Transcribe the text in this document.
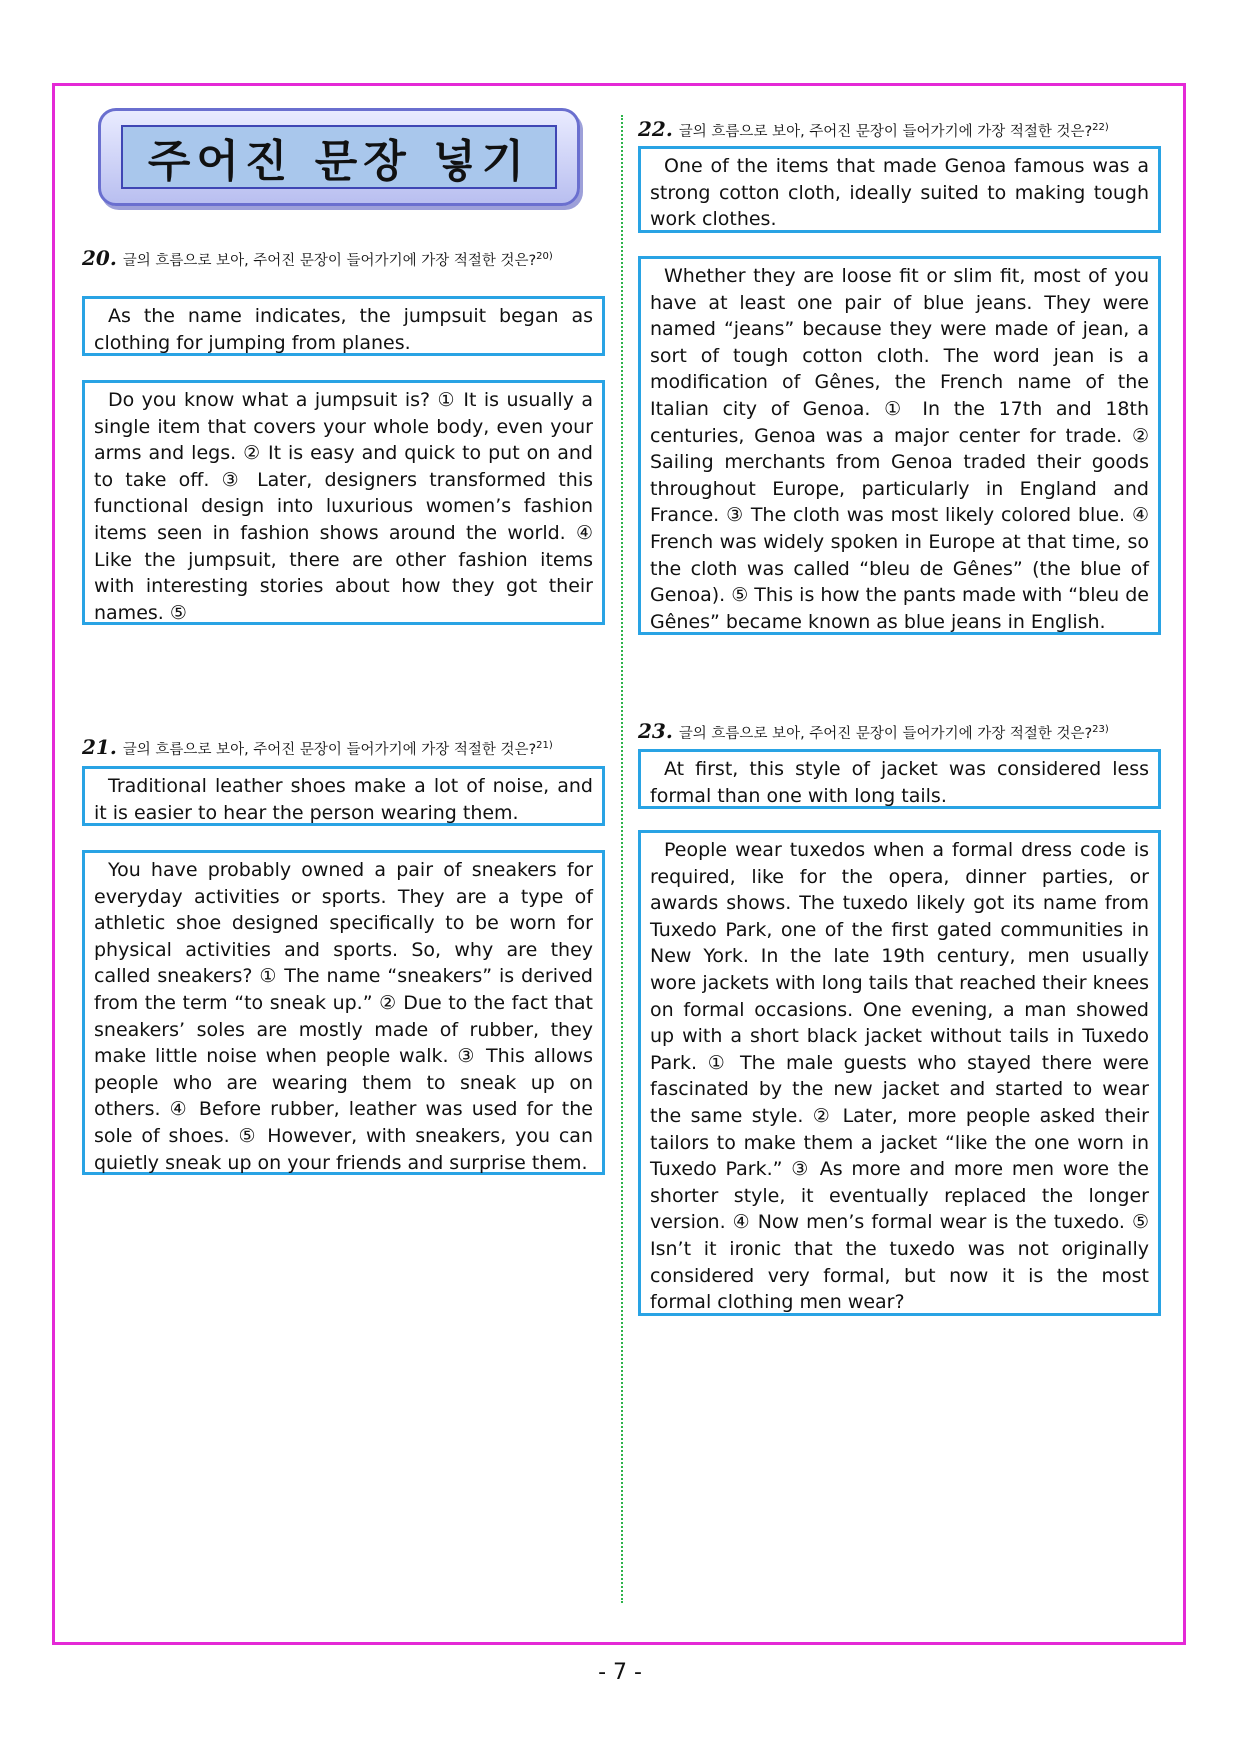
주어진 문장 넣기
20. 글의 흐름으로 보아, 주어진 문장이 들어가기에 가장 적절한 것은?$^{20)}$
As the name indicates, the jumpsuit began as clothing for jumping from planes.
Do you know what a jumpsuit is? ① It is usually a single item that covers your whole body, even your arms and legs. ② It is easy and quick to put on and to take off. ③ Later, designers transformed this functional design into luxurious women’s fashion items seen in fashion shows around the world. ④ Like the jumpsuit, there are other fashion items with interesting stories about how they got their names. ⑤
21. 글의 흐름으로 보아, 주어진 문장이 들어가기에 가장 적절한 것은?$^{21)}$
Traditional leather shoes make a lot of noise, and it is easier to hear the person wearing them.
You have probably owned a pair of sneakers for everyday activities or sports. They are a type of athletic shoe designed specifically to be worn for physical activities and sports. So, why are they called sneakers? ① The name “sneakers” is derived from the term “to sneak up.” ② Due to the fact that sneakers’ soles are mostly made of rubber, they make little noise when people walk. ③ This allows people who are wearing them to sneak up on others. ④ Before rubber, leather was used for the sole of shoes. ⑤ However, with sneakers, you can quietly sneak up on your friends and surprise them.
22. 글의 흐름으로 보아, 주어진 문장이 들어가기에 가장 적절한 것은?$^{22)}$
One of the items that made Genoa famous was a strong cotton cloth, ideally suited to making tough work clothes.
Whether they are loose fit or slim fit, most of you have at least one pair of blue jeans. They were named “jeans” because they were made of jean, a sort of tough cotton cloth. The word jean is a modification of Gênes, the French name of the Italian city of Genoa. ① In the 17th and 18th centuries, Genoa was a major center for trade. ② Sailing merchants from Genoa traded their goods throughout Europe, particularly in England and France. ③ The cloth was most likely colored blue. ④ French was widely spoken in Europe at that time, so the cloth was called “bleu de Gênes” (the blue of Genoa). ⑤ This is how the pants made with “bleu de Gênes” became known as blue jeans in English.
23. 글의 흐름으로 보아, 주어진 문장이 들어가기에 가장 적절한 것은?$^{23)}$
At first, this style of jacket was considered less formal than one with long tails.
People wear tuxedos when a formal dress code is required, like for the opera, dinner parties, or awards shows. The tuxedo likely got its name from Tuxedo Park, one of the first gated communities in New York. In the late 19th century, men usually wore jackets with long tails that reached their knees on formal occasions. One evening, a man showed up with a short black jacket without tails in Tuxedo Park. ① The male guests who stayed there were fascinated by the new jacket and started to wear the same style. ② Later, more people asked their tailors to make them a jacket “like the one worn in Tuxedo Park.” ③ As more and more men wore the shorter style, it eventually replaced the longer version. ④ Now men’s formal wear is the tuxedo. ⑤ Isn’t it ironic that the tuxedo was not originally considered very formal, but now it is the most formal clothing men wear?
- 7 -
